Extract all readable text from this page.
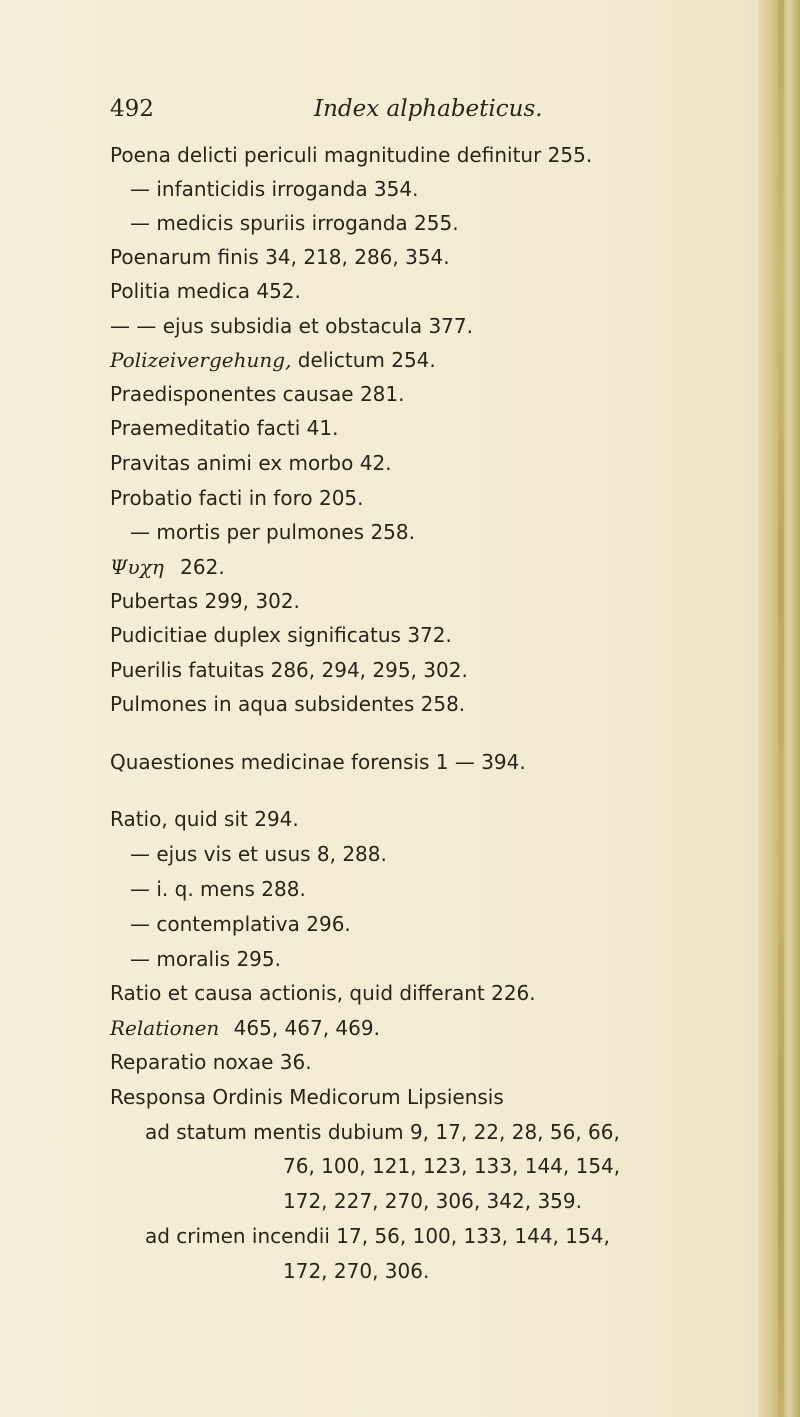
492	Index alphabeticus.
Poena delicti periculi magnitudine definitur 255.
— infanticidis irroganda 354.
— medicis spuriis irroganda 255.
Poenarum finis 34, 218, 286, 354.
Politia medica 452.
— — ejus subsidia et obstacula 377.
Polizeivergehung, delictum 254.
Praedisponentes causae 281.
Praemeditatio facti 41.
Pravitas animi ex morbo 42.
Probatio facti in foro 205.
— mortis per pulmones 258.
Ψυχη 262.
Pubertas 299, 302.
Pudicitiae duplex significatus 372.
Puerilis fatuitas 286, 294, 295, 302.
Pulmones in aqua subsidentes 258.
Quaestiones medicinae forensis 1 — 394.
Ratio, quid sit 294.
— ejus vis et usus 8, 288.
— i. q. mens 288.
— contemplativa 296.
— moralis 295.
Ratio et causa actionis, quid differant 226.
Relationen 465, 467, 469.
Reparatio noxae 36.
Responsa Ordinis Medicorum Lipsiensis
ad statum mentis dubium 9, 17, 22, 28, 56, 66,
76, 100, 121, 123, 133, 144, 154,
172, 227, 270, 306, 342, 359.
ad crimen incendii 17, 56, 100, 133, 144, 154,
172, 270, 306.
